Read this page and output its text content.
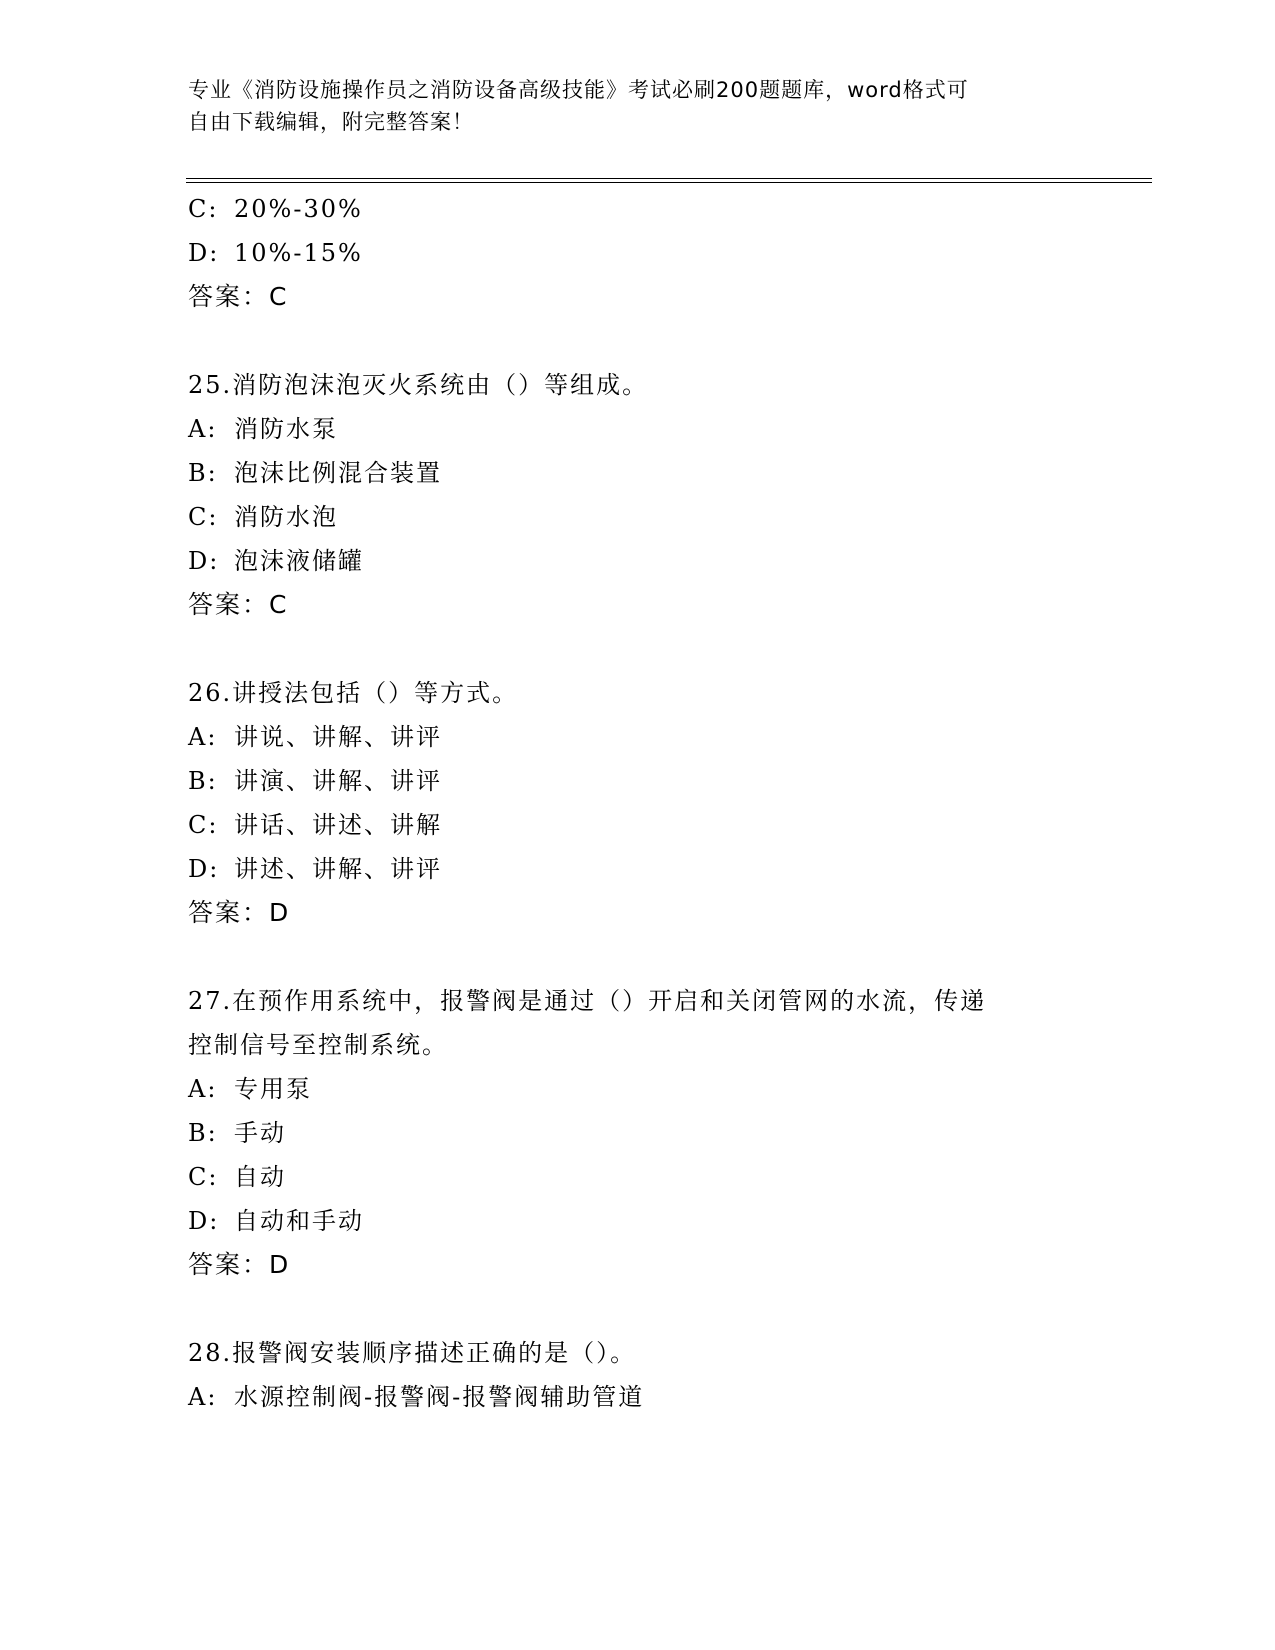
专业《消防设施操作员之消防设备高级技能》考试必刷200题题库，word格式可
自由下载编辑，附完整答案！
C: 20%-30%
D: 10%-15%
答案：C
25.消防泡沫泡灭火系统由（）等组成。
A: 消防水泵
B: 泡沫比例混合装置
C: 消防水泡
D: 泡沫液储罐
答案：C
26.讲授法包括（）等方式。
A: 讲说、讲解、讲评
B: 讲演、讲解、讲评
C: 讲话、讲述、讲解
D: 讲述、讲解、讲评
答案：D
27.在预作用系统中，报警阀是通过（）开启和关闭管网的水流，传递
控制信号至控制系统。
A: 专用泵
B: 手动
C: 自动
D: 自动和手动
答案：D
28.报警阀安装顺序描述正确的是（）。
A: 水源控制阀-报警阀-报警阀辅助管道
